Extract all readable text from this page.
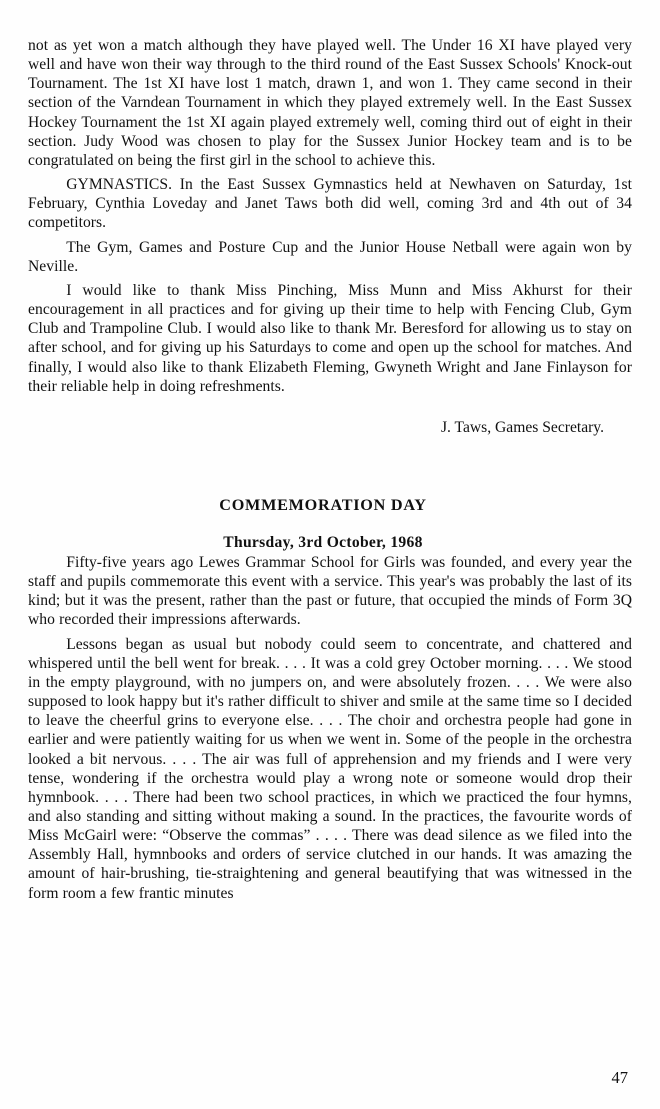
not as yet won a match although they have played well. The Under 16 XI have played very well and have won their way through to the third round of the East Sussex Schools' Knock-out Tournament. The 1st XI have lost 1 match, drawn 1, and won 1. They came second in their section of the Varndean Tournament in which they played extremely well. In the East Sussex Hockey Tournament the 1st XI again played extremely well, coming third out of eight in their section. Judy Wood was chosen to play for the Sussex Junior Hockey team and is to be congratulated on being the first girl in the school to achieve this.

GYMNASTICS. In the East Sussex Gymnastics held at Newhaven on Saturday, 1st February, Cynthia Loveday and Janet Taws both did well, coming 3rd and 4th out of 34 competitors.

The Gym, Games and Posture Cup and the Junior House Netball were again won by Neville.

I would like to thank Miss Pinching, Miss Munn and Miss Akhurst for their encouragement in all practices and for giving up their time to help with Fencing Club, Gym Club and Trampoline Club. I would also like to thank Mr. Beresford for allowing us to stay on after school, and for giving up his Saturdays to come and open up the school for matches. And finally, I would also like to thank Elizabeth Fleming, Gwyneth Wright and Jane Finlayson for their reliable help in doing refreshments.

J. Taws, Games Secretary.

COMMEMORATION DAY
Thursday, 3rd October, 1968

Fifty-five years ago Lewes Grammar School for Girls was founded, and every year the staff and pupils commemorate this event with a service. This year's was probably the last of its kind; but it was the present, rather than the past or future, that occupied the minds of Form 3Q who recorded their impressions afterwards.

Lessons began as usual but nobody could seem to concentrate, and chattered and whispered until the bell went for break. . . . It was a cold grey October morning. . . . We stood in the empty playground, with no jumpers on, and were absolutely frozen. . . . We were also supposed to look happy but it's rather difficult to shiver and smile at the same time so I decided to leave the cheerful grins to everyone else. . . . The choir and orchestra people had gone in earlier and were patiently waiting for us when we went in. Some of the people in the orchestra looked a bit nervous. . . . The air was full of apprehension and my friends and I were very tense, wondering if the orchestra would play a wrong note or someone would drop their hymnbook. . . . There had been two school practices, in which we practiced the four hymns, and also standing and sitting without making a sound. In the practices, the favourite words of Miss McGairl were: “Observe the commas” . . . . There was dead silence as we filed into the Assembly Hall, hymnbooks and orders of service clutched in our hands. It was amazing the amount of hair-brushing, tie-straightening and general beautifying that was witnessed in the form room a few frantic minutes

47
